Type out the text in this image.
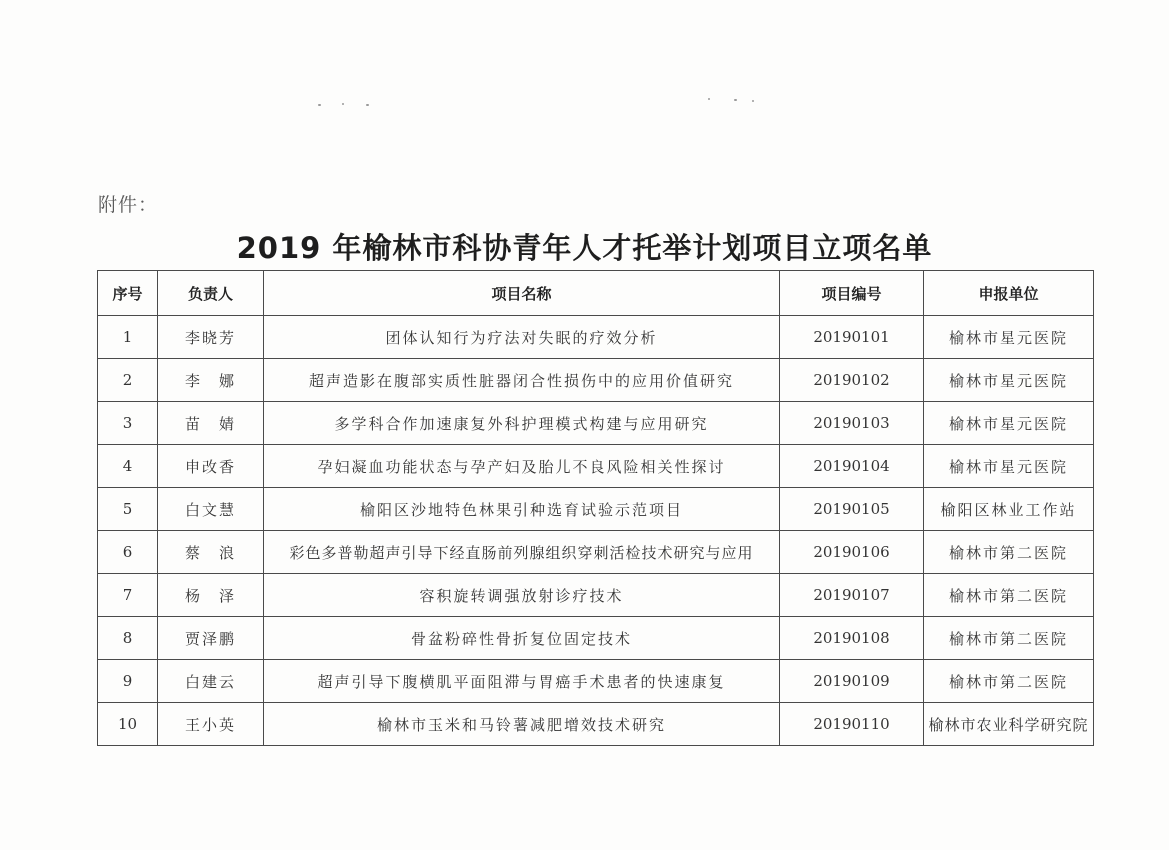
附件：
2019 年榆林市科协青年人才托举计划项目立项名单
序号	负责人	项目名称	项目编号	申报单位
1	李晓芳	团体认知行为疗法对失眠的疗效分析	20190101	榆林市星元医院
2	李　娜	超声造影在腹部实质性脏器闭合性损伤中的应用价值研究	20190102	榆林市星元医院
3	苗　婧	多学科合作加速康复外科护理模式构建与应用研究	20190103	榆林市星元医院
4	申改香	孕妇凝血功能状态与孕产妇及胎儿不良风险相关性探讨	20190104	榆林市星元医院
5	白文慧	榆阳区沙地特色林果引种选育试验示范项目	20190105	榆阳区林业工作站
6	蔡　浪	彩色多普勒超声引导下经直肠前列腺组织穿刺活检技术研究与应用	20190106	榆林市第二医院
7	杨　泽	容积旋转调强放射诊疗技术	20190107	榆林市第二医院
8	贾泽鹏	骨盆粉碎性骨折复位固定技术	20190108	榆林市第二医院
9	白建云	超声引导下腹横肌平面阻滞与胃癌手术患者的快速康复	20190109	榆林市第二医院
10	王小英	榆林市玉米和马铃薯减肥增效技术研究	20190110	榆林市农业科学研究院
